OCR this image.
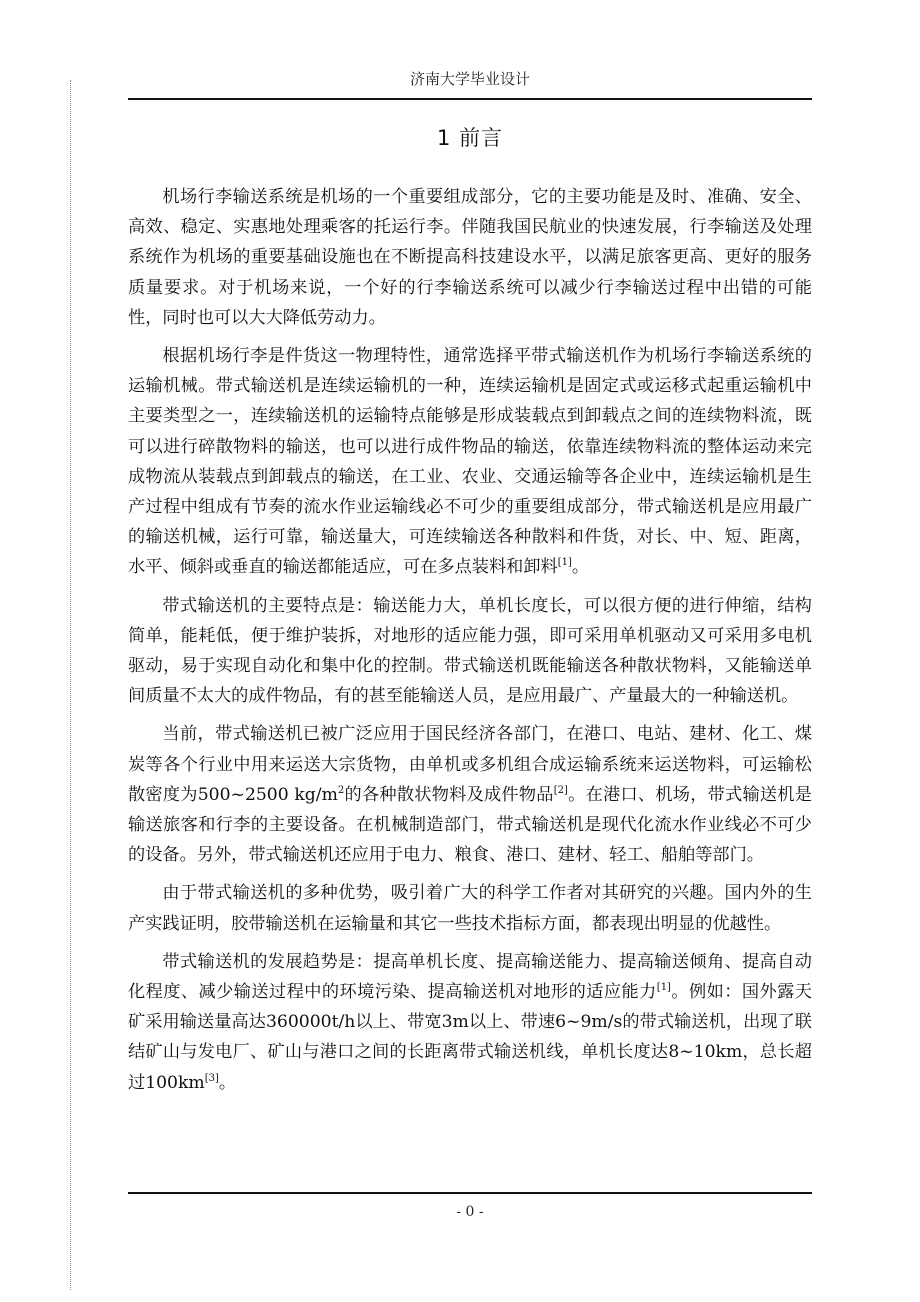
济南大学毕业设计
1 前言

机场行李输送系统是机场的一个重要组成部分，它的主要功能是及时、准确、安全、高效、稳定、实惠地处理乘客的托运行李。伴随我国民航业的快速发展，行李输送及处理系统作为机场的重要基础设施也在不断提高科技建设水平，以满足旅客更高、更好的服务质量要求。对于机场来说，一个好的行李输送系统可以减少行李输送过程中出错的可能性，同时也可以大大降低劳动力。

根据机场行李是件货这一物理特性，通常选择平带式输送机作为机场行李输送系统的运输机械。带式输送机是连续运输机的一种，连续运输机是固定式或运移式起重运输机中主要类型之一，连续输送机的运输特点能够是形成装载点到卸载点之间的连续物料流，既可以进行碎散物料的输送，也可以进行成件物品的输送，依靠连续物料流的整体运动来完成物流从装载点到卸载点的输送，在工业、农业、交通运输等各企业中，连续运输机是生产过程中组成有节奏的流水作业运输线必不可少的重要组成部分，带式输送机是应用最广的输送机械，运行可靠，输送量大，可连续输送各种散料和件货，对长、中、短、距离，水平、倾斜或垂直的输送都能适应，可在多点装料和卸料[1]。

带式输送机的主要特点是：输送能力大，单机长度长，可以很方便的进行伸缩，结构简单，能耗低，便于维护装拆，对地形的适应能力强，即可采用单机驱动又可采用多电机驱动，易于实现自动化和集中化的控制。带式输送机既能输送各种散状物料，又能输送单间质量不太大的成件物品，有的甚至能输送人员，是应用最广、产量最大的一种输送机。

当前，带式输送机已被广泛应用于国民经济各部门，在港口、电站、建材、化工、煤炭等各个行业中用来运送大宗货物，由单机或多机组合成运输系统来运送物料，可运输松散密度为500~2500 $kg/m^2$的各种散状物料及成件物品[2]。在港口、机场，带式输送机是输送旅客和行李的主要设备。在机械制造部门，带式输送机是现代化流水作业线必不可少的设备。另外，带式输送机还应用于电力、粮食、港口、建材、轻工、船舶等部门。

由于带式输送机的多种优势，吸引着广大的科学工作者对其研究的兴趣。国内外的生产实践证明，胶带输送机在运输量和其它一些技术指标方面，都表现出明显的优越性。

带式输送机的发展趋势是：提高单机长度、提高输送能力、提高输送倾角、提高自动化程度、减少输送过程中的环境污染、提高输送机对地形的适应能力[1]。例如：国外露天矿采用输送量高达360000t/h以上、带宽3m以上、带速6~9m/s的带式输送机，出现了联结矿山与发电厂、矿山与港口之间的长距离带式输送机线，单机长度达8~10km，总长超过100km[3]。

- 0 -
